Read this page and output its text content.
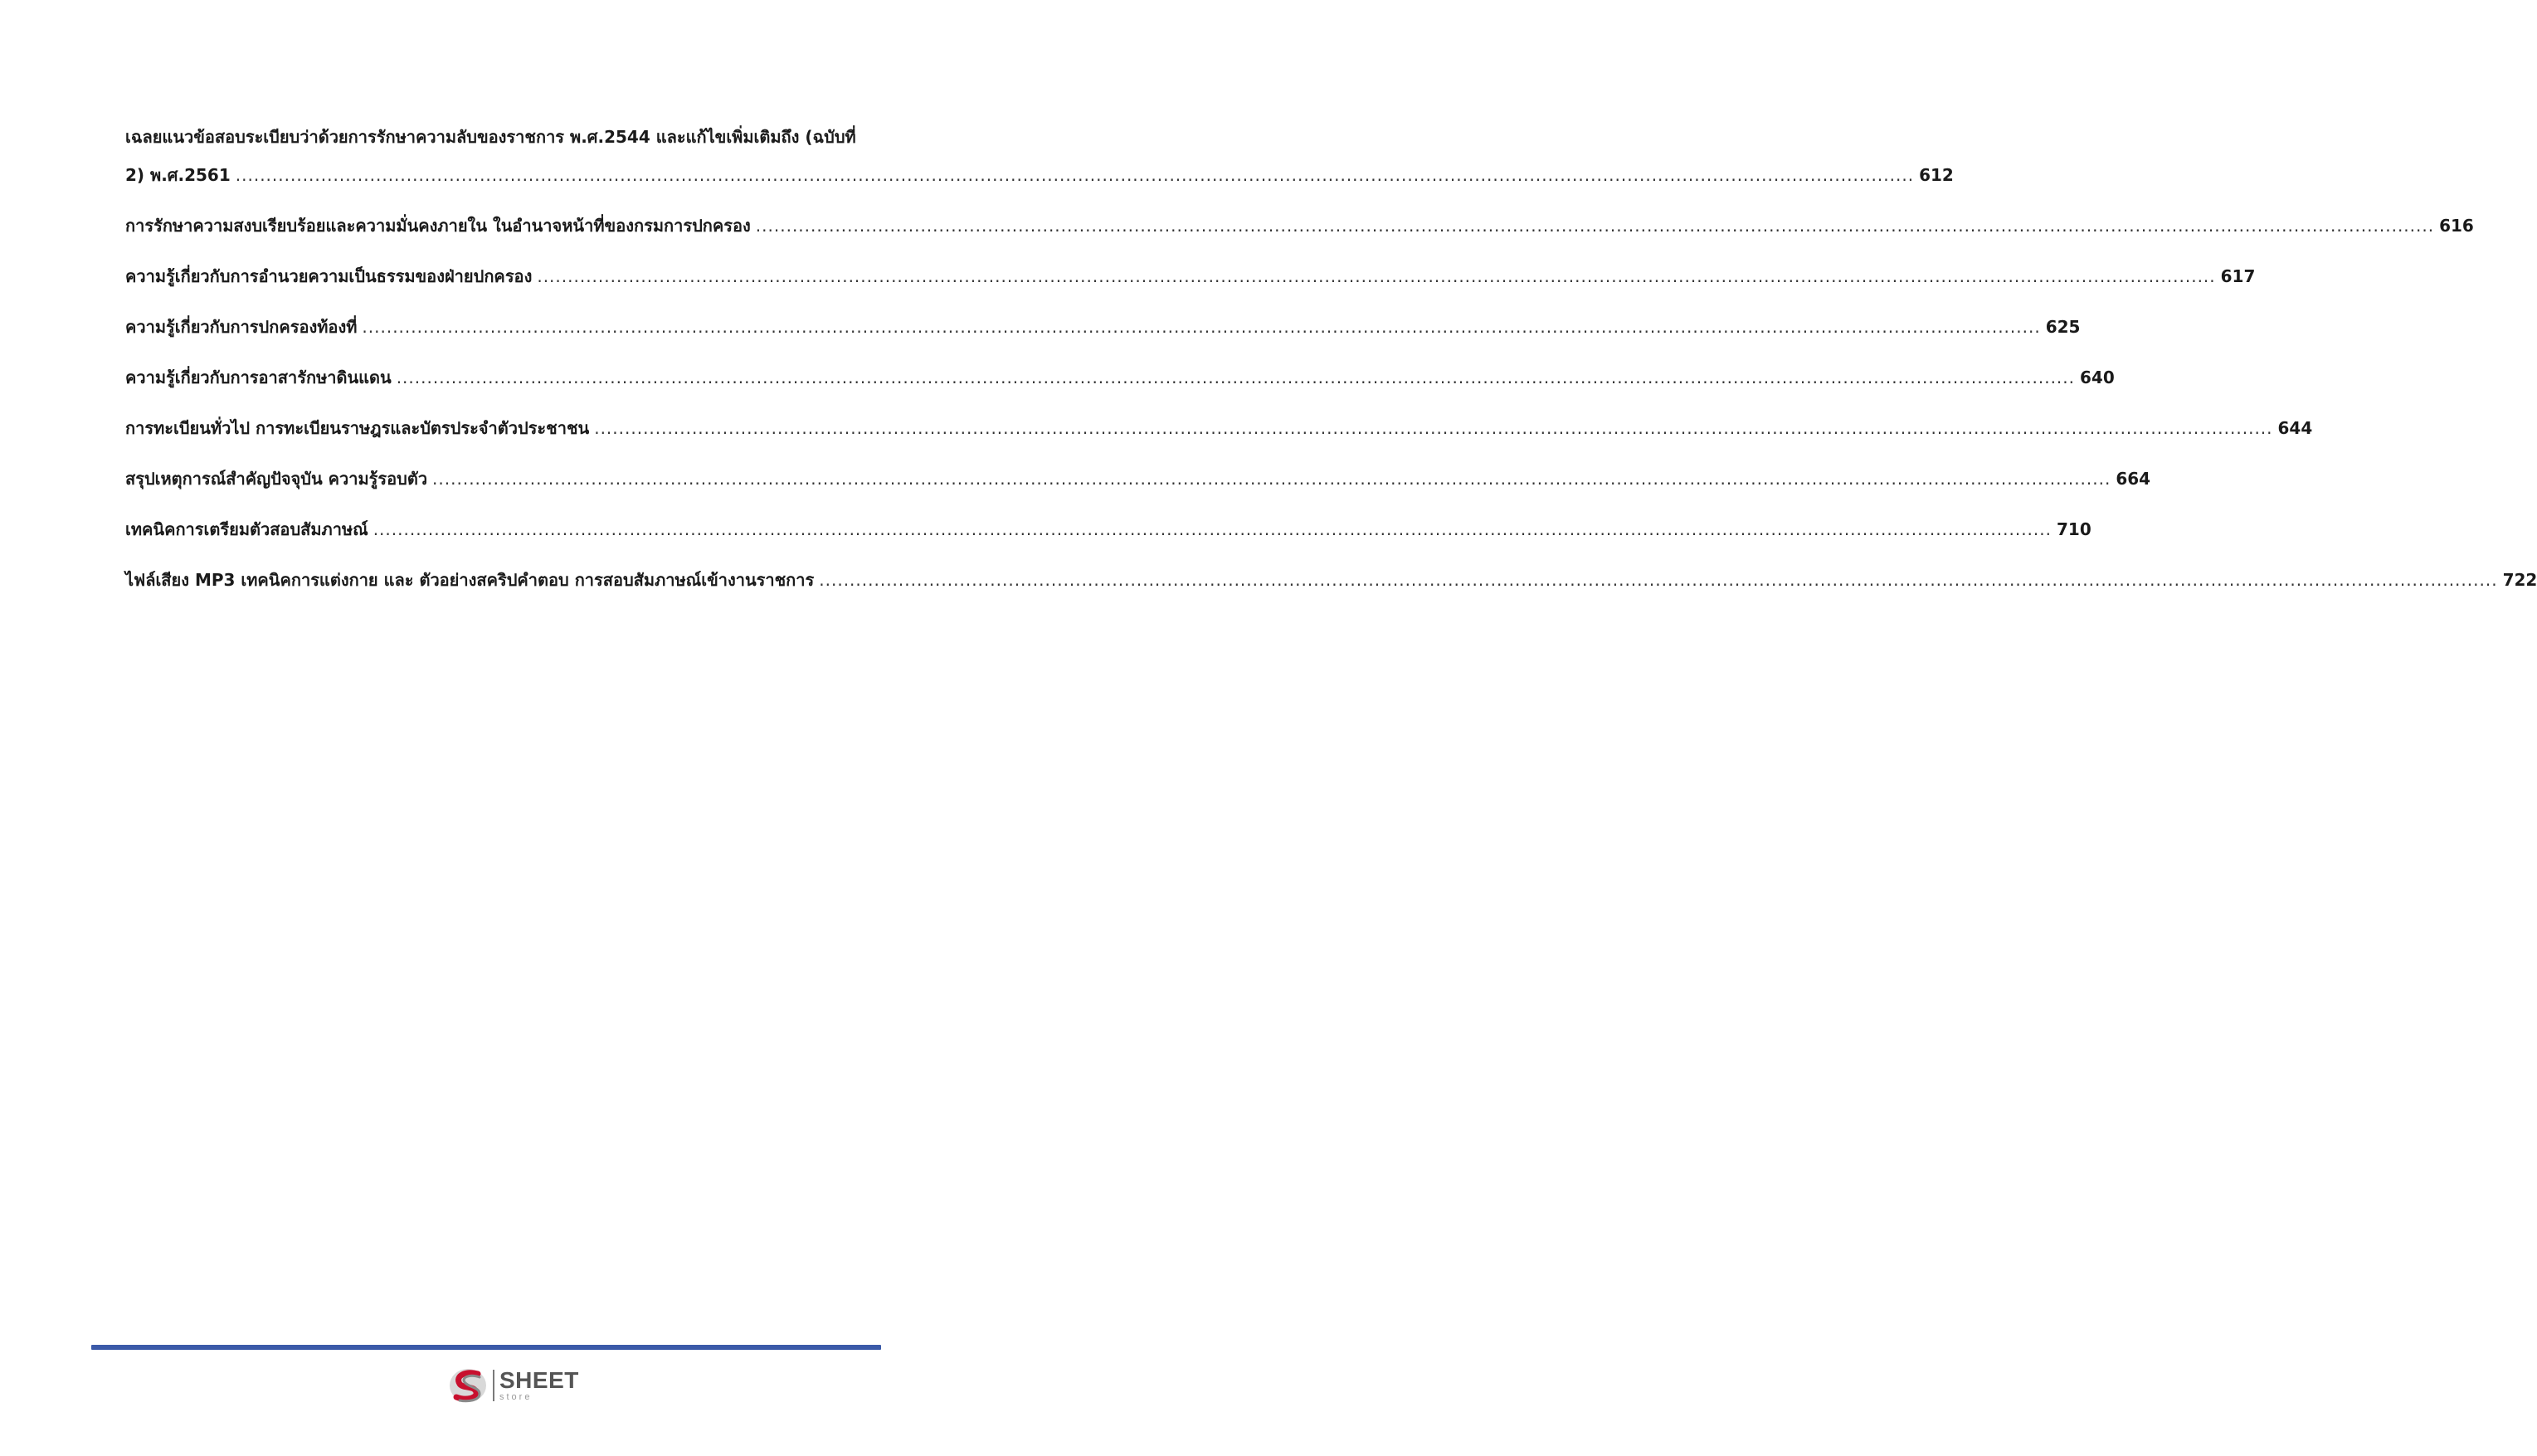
เฉลยแนวข้อสอบระเบียบว่าด้วยการรักษาความลับของราชการ พ.ศ.2544 และแก้ไขเพิ่มเติมถึง (ฉบับที่
2) พ.ศ.2561 .....	612
การรักษาความสงบเรียบร้อยและความมั่นคงภายใน ในอำนาจหน้าที่ของกรมการปกครอง .....	616
ความรู้เกี่ยวกับการอำนวยความเป็นธรรมของฝ่ายปกครอง .....	617
ความรู้เกี่ยวกับการปกครองท้องที่ .....	625
ความรู้เกี่ยวกับการอาสารักษาดินแดน .....	640
การทะเบียนทั่วไป การทะเบียนราษฎรและบัตรประจำตัวประชาชน .....	644
สรุปเหตุการณ์สำคัญปัจจุบัน ความรู้รอบตัว .....	664
เทคนิคการเตรียมตัวสอบสัมภาษณ์ .....	710
ไฟล์เสียง MP3 เทคนิคการแต่งกาย และ ตัวอย่างสคริปคำตอบ การสอบสัมภาษณ์เข้างานราชการ .....	722
SHEET
store
